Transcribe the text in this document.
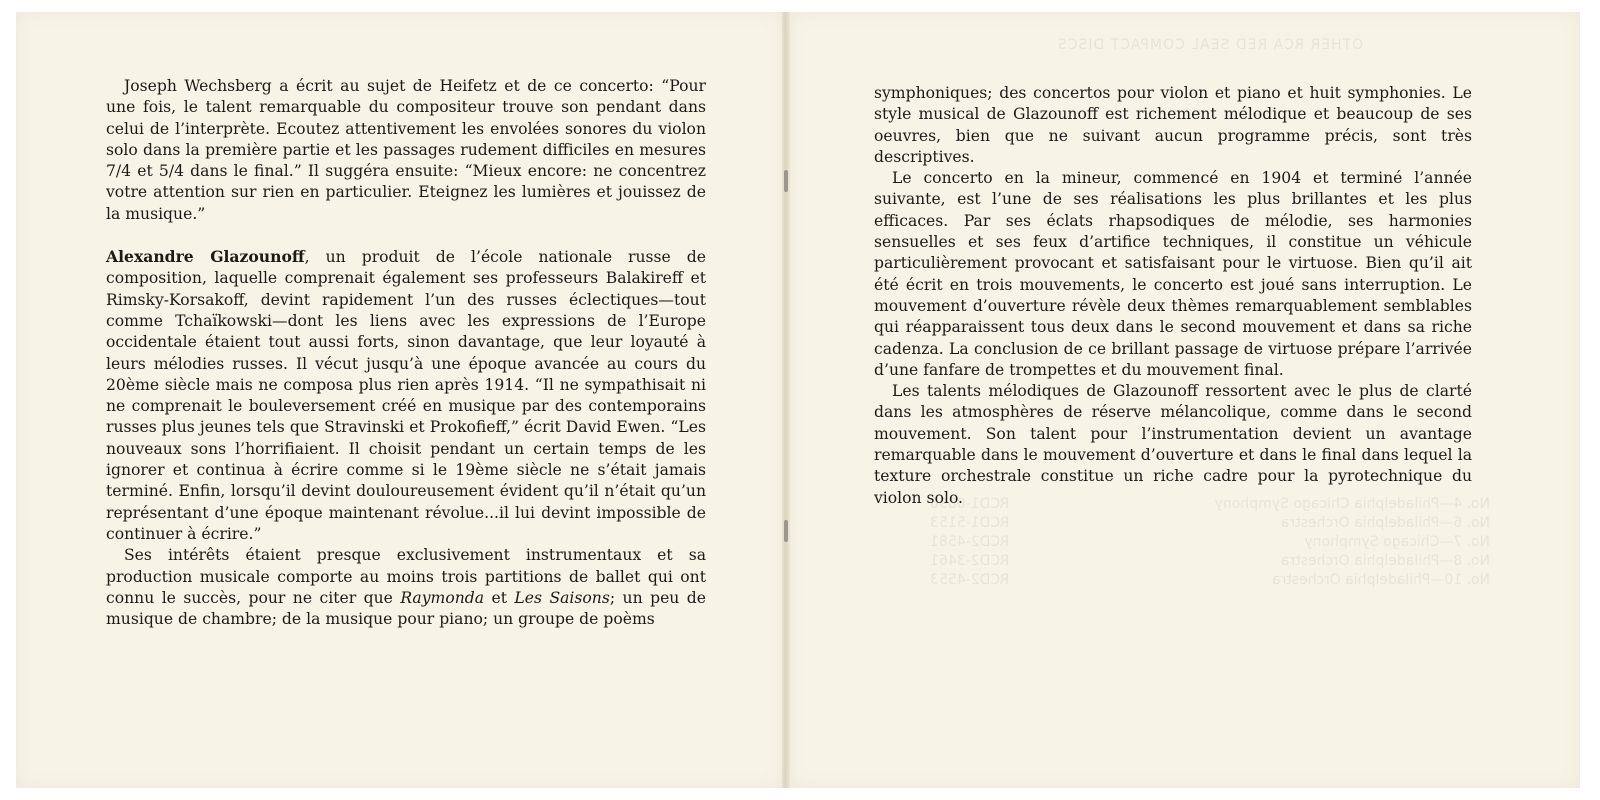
Joseph Wechsberg a écrit au sujet de Heifetz et de ce concerto: “Pour une fois, le talent remarquable du compositeur trouve son pendant dans celui de l’interprète. Ecoutez attentivement les envolées sonores du violon solo dans la première partie et les passages rudement difficiles en mesures 7/4 et 5/4 dans le final.” Il suggéra ensuite: “Mieux encore: ne concentrez votre attention sur rien en particulier. Eteignez les lumières et jouissez de la musique.”

Alexandre Glazounoff, un produit de l’école nationale russe de composition, laquelle comprenait également ses professeurs Balakireff et Rimsky-Korsakoff, devint rapidement l’un des russes éclectiques—tout comme Tchaïkowski—dont les liens avec les expressions de l’Europe occidentale étaient tout aussi forts, sinon davantage, que leur loyauté à leurs mélodies russes. Il vécut jusqu’à une époque avancée au cours du 20ème siècle mais ne composa plus rien après 1914. “Il ne sympathisait ni ne comprenait le bouleversement créé en musique par des contemporains russes plus jeunes tels que Stravinski et Prokofieff,” écrit David Ewen. “Les nouveaux sons l’horrifiaient. Il choisit pendant un certain temps de les ignorer et continua à écrire comme si le 19ème siècle ne s’était jamais terminé. Enfin, lorsqu’il devint douloureusement évident qu’il n’était qu’un représentant d’une époque maintenant révolue...il lui devint impossible de continuer à écrire.”

Ses intérêts étaient presque exclusivement instrumentaux et sa production musicale comporte au moins trois partitions de ballet qui ont connu le succès, pour ne citer que Raymonda et Les Saisons; un peu de musique de chambre; de la musique pour piano; un groupe de poèms

OTHER RCA RED SEAL COMPACT DISCS
No. 4—Philadelphia Chicago Symphony
RCD1-0896
No. 6—Philadelphia Orchestra
RCD1-5153
No. 7—Chicago Symphony
RCD2-4581
No. 8—Philadelphia Orchestra
RCD2-3461
No. 10—Philadelphia Orchestra
RCD2-4553

symphoniques; des concertos pour violon et piano et huit symphonies. Le style musical de Glazounoff est richement mélodique et beaucoup de ses oeuvres, bien que ne suivant aucun programme précis, sont très descriptives.

Le concerto en la mineur, commencé en 1904 et terminé l’année suivante, est l’une de ses réalisations les plus brillantes et les plus efficaces. Par ses éclats rhapsodiques de mélodie, ses harmonies sensuelles et ses feux d’artifice techniques, il constitue un véhicule particulièrement provocant et satisfaisant pour le virtuose. Bien qu’il ait été écrit en trois mouvements, le concerto est joué sans interruption. Le mouvement d’ouverture révèle deux thèmes remarquablement semblables qui réapparaissent tous deux dans le second mouvement et dans sa riche cadenza. La conclusion de ce brillant passage de virtuose prépare l’arrivée d’une fanfare de trompettes et du mouvement final.

Les talents mélodiques de Glazounoff ressortent avec le plus de clarté dans les atmosphères de réserve mélancolique, comme dans le second mouvement. Son talent pour l’instrumentation devient un avantage remarquable dans le mouvement d’ouverture et dans le final dans lequel la texture orchestrale constitue un riche cadre pour la pyrotechnique du violon solo.
